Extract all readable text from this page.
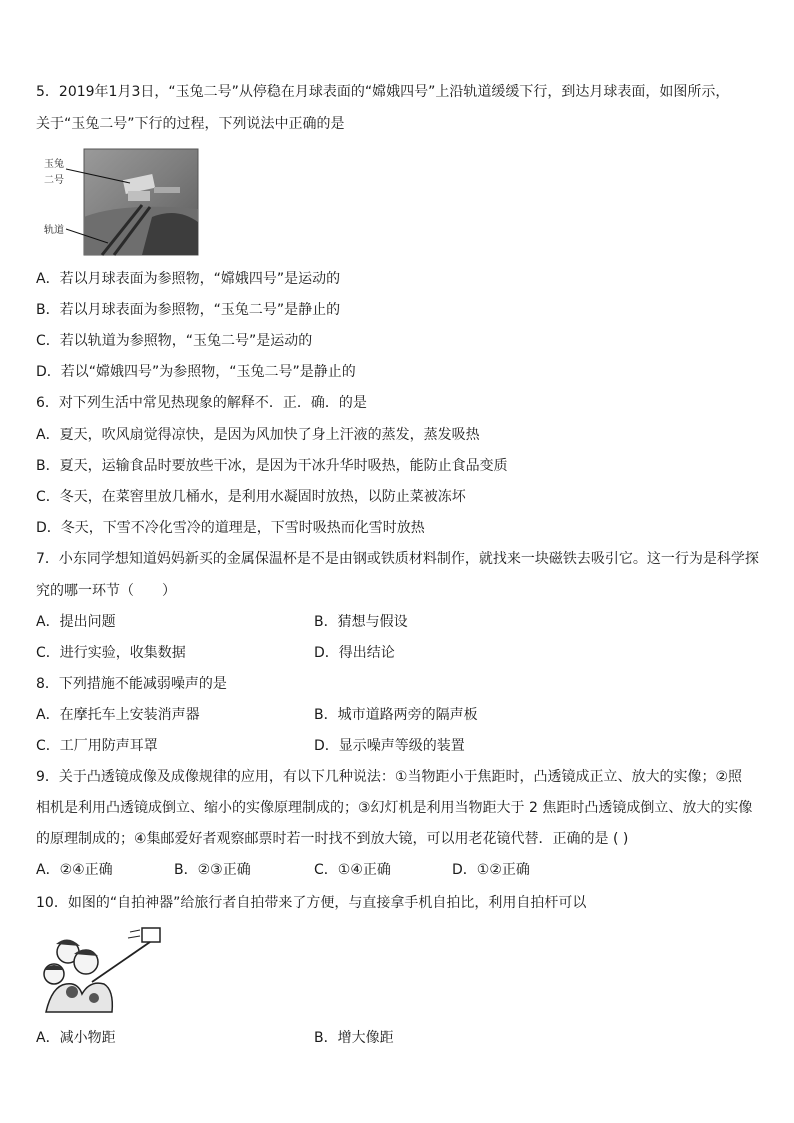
5．2019年1月3日，“玉兔二号”从停稳在月球表面的“嫦娥四号”上沿轨道缓缓下行，到达月球表面，如图所示，
关于“玉兔二号”下行的过程，下列说法中正确的是
玉兔
二号
轨道
A．若以月球表面为参照物，“嫦娥四号”是运动的
B．若以月球表面为参照物，“玉兔二号”是静止的
C．若以轨道为参照物，“玉兔二号”是运动的
D．若以“嫦娥四号”为参照物，“玉兔二号”是静止的
6．对下列生活中常见热现象的解释不．正．确．的是
A．夏天，吹风扇觉得凉快，是因为风加快了身上汗液的蒸发，蒸发吸热
B．夏天，运输食品时要放些干冰，是因为干冰升华时吸热，能防止食品变质
C．冬天，在菜窖里放几桶水，是利用水凝固时放热，以防止菜被冻坏
D．冬天，下雪不冷化雪冷的道理是，下雪时吸热而化雪时放热
7．小东同学想知道妈妈新买的金属保温杯是不是由钢或铁质材料制作，就找来一块磁铁去吸引它。这一行为是科学探
究的哪一环节（　　）
A．提出问题	B．猜想与假设
C．进行实验，收集数据	D．得出结论
8．下列措施不能减弱噪声的是
A．在摩托车上安装消声器	B．城市道路两旁的隔声板
C．工厂用防声耳罩	D．显示噪声等级的装置
9．关于凸透镜成像及成像规律的应用，有以下几种说法：①当物距小于焦距时，凸透镜成正立、放大的实像；②照
相机是利用凸透镜成倒立、缩小的实像原理制成的；③幻灯机是利用当物距大于 2 焦距时凸透镜成倒立、放大的实像
的原理制成的；④集邮爱好者观察邮票时若一时找不到放大镜，可以用老花镜代替．正确的是 ( )
A．②④正确	B．②③正确	C．①④正确	D．①②正确
10．如图的“自拍神器”给旅行者自拍带来了方便，与直接拿手机自拍比，利用自拍杆可以
A．减小物距	B．增大像距
